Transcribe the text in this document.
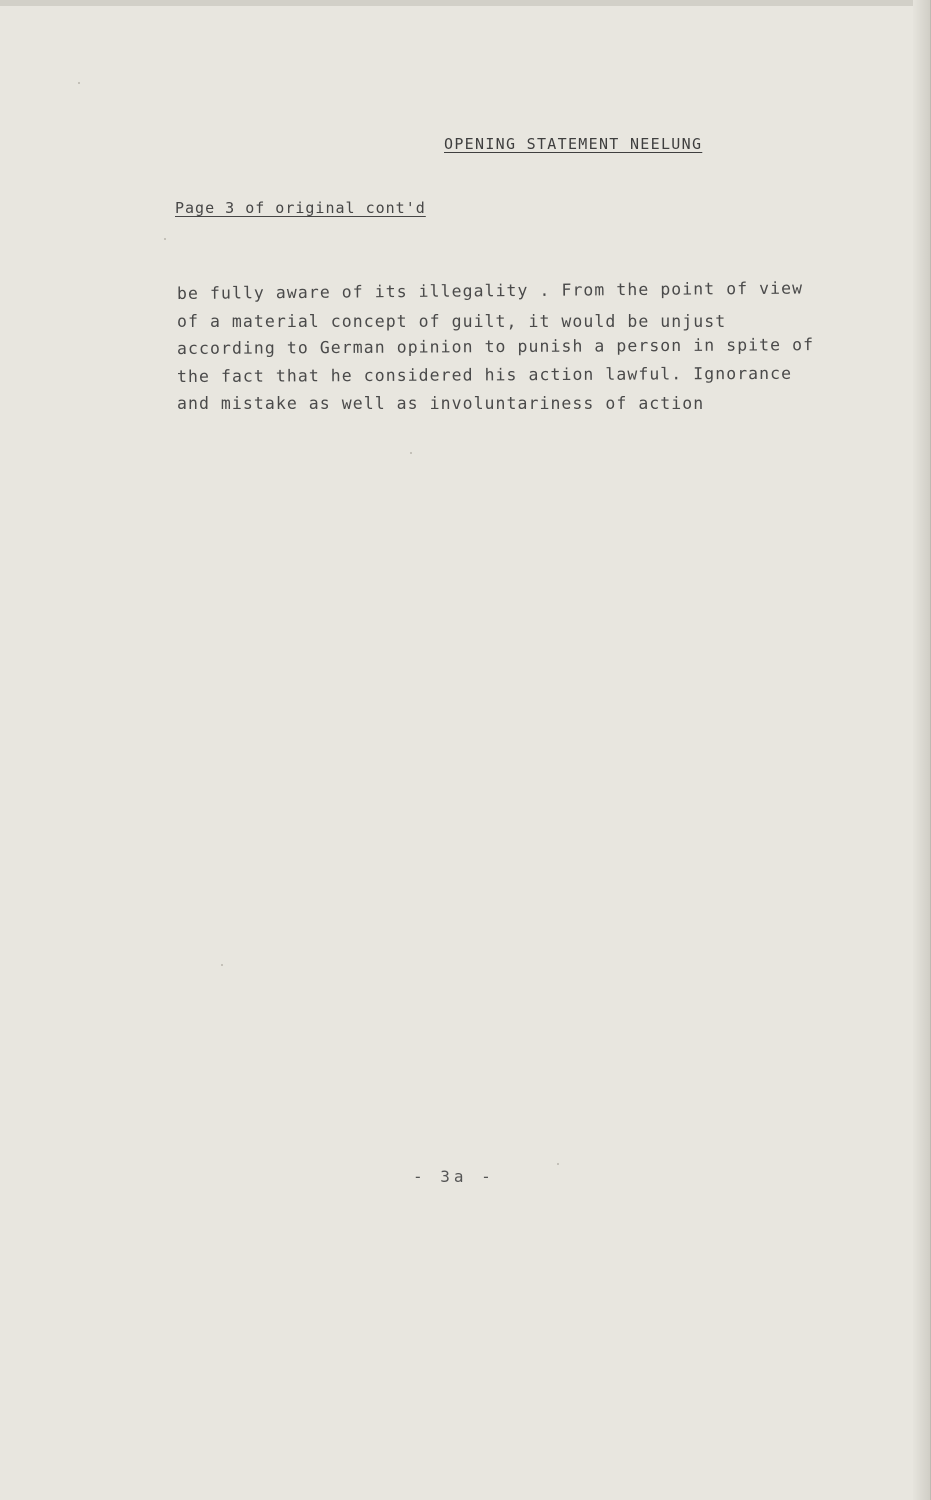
OPENING STATEMENT NEELUNG
Page 3 of original cont'd
be fully aware of its illegality . From the point of view
of a material concept of guilt, it would be unjust
according to German opinion to punish a person in spite of
the fact that he considered his action lawful. Ignorance
and mistake as well as involuntariness of action
- 3a -
